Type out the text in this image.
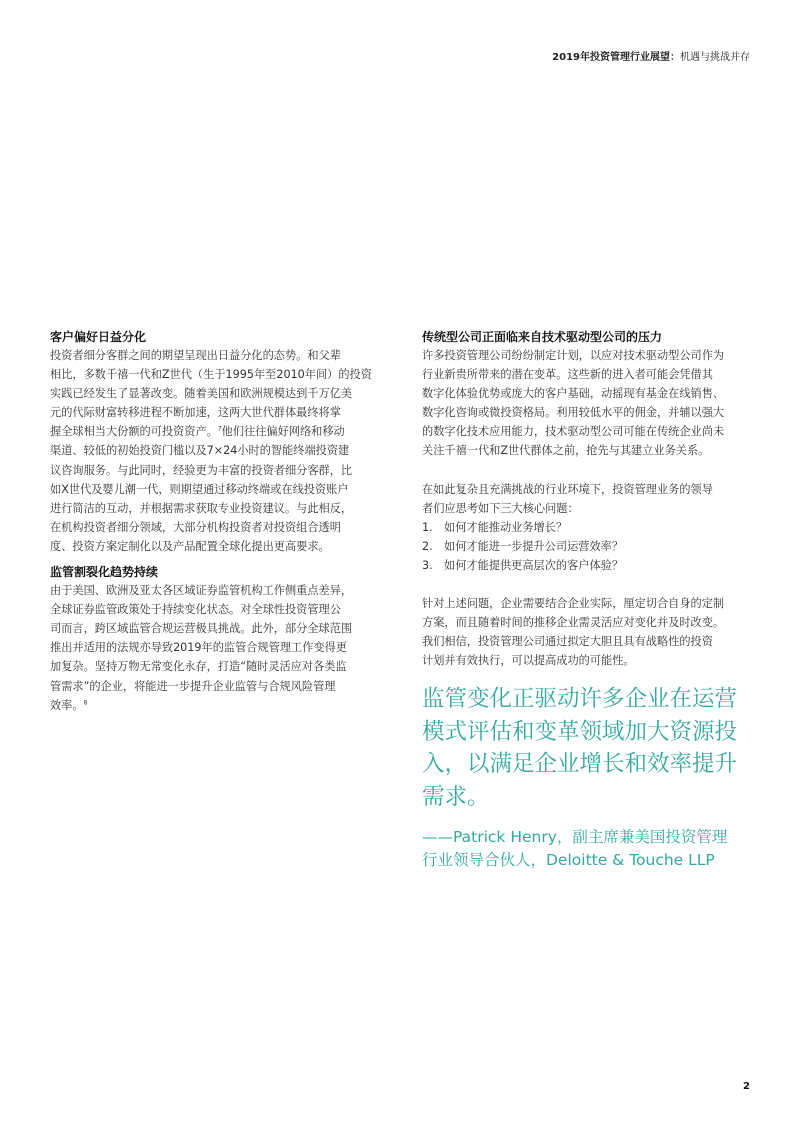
2019年投资管理行业展望：机遇与挑战并存

客户偏好日益分化

投资者细分客群之间的期望呈现出日益分化的态势。和父辈
相比，多数千禧一代和Z世代（生于1995年至2010年间）的投资
实践已经发生了显著改变。随着美国和欧洲规模达到千万亿美
元的代际财富转移进程不断加速，这两大世代群体最终将掌
握全球相当大份额的可投资资产。$^7$他们往往偏好网络和移动
渠道、较低的初始投资门槛以及7×24小时的智能终端投资建
议咨询服务。与此同时，经验更为丰富的投资者细分客群，比
如X世代及婴儿潮一代，则期望通过移动终端或在线投资账户
进行简洁的互动，并根据需求获取专业投资建议。与此相反，
在机构投资者细分领域，大部分机构投资者对投资组合透明
度、投资方案定制化以及产品配置全球化提出更高要求。

监管割裂化趋势持续

由于美国、欧洲及亚太各区域证券监管机构工作侧重点差异，
全球证券监管政策处于持续变化状态。对全球性投资管理公
司而言，跨区域监管合规运营极具挑战。此外，部分全球范围
推出并适用的法规亦导致2019年的监管合规管理工作变得更
加复杂。坚持万物无常变化永存，打造“随时灵活应对各类监
管需求”的企业，将能进一步提升企业监管与合规风险管理
效率。$^8$

传统型公司正面临来自技术驱动型公司的压力

许多投资管理公司纷纷制定计划，以应对技术驱动型公司作为
行业新贵所带来的潜在变革。这些新的进入者可能会凭借其
数字化体验优势或庞大的客户基础，动摇现有基金在线销售、
数字化咨询或微投资格局。利用较低水平的佣金，并辅以强大
的数字化技术应用能力，技术驱动型公司可能在传统企业尚未
关注千禧一代和Z世代群体之前，抢先与其建立业务关系。

在如此复杂且充满挑战的行业环境下，投资管理业务的领导
者们应思考如下三大核心问题：

1.	如何才能推动业务增长？
2.	如何才能进一步提升公司运营效率？
3.	如何才能提供更高层次的客户体验？

针对上述问题，企业需要结合企业实际，厘定切合自身的定制
方案，而且随着时间的推移企业需灵活应对变化并及时改变。
我们相信，投资管理公司通过拟定大胆且具有战略性的投资
计划并有效执行，可以提高成功的可能性。

监管变化正驱动许多企业在运营
模式评估和变革领域加大资源投
入，以满足企业增长和效率提升
需求。

——Patrick Henry，副主席兼美国投资管理
行业领导合伙人，Deloitte & Touche LLP

2
